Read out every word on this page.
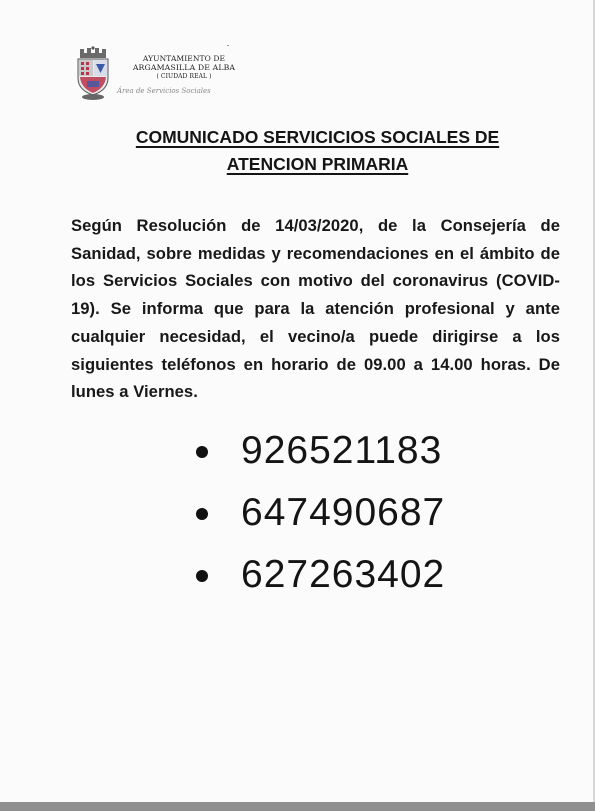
AYUNTAMIENTO DE
ARGAMASILLA DE ALBA
( CIUDAD REAL )
Área de Servicios Sociales
COMUNICADO SERVICICIOS SOCIALES DE
ATENCION PRIMARIA
Según Resolución de 14/03/2020, de la Consejería de Sanidad, sobre medidas y recomendaciones en el ámbito de los Servicios Sociales con motivo del coronavirus (COVID-19). Se informa que para la atención profesional y ante cualquier necesidad, el vecino/a puede dirigirse a los siguientes teléfonos en horario de 09.00 a 14.00 horas. De lunes a Viernes.
926521183
647490687
627263402
